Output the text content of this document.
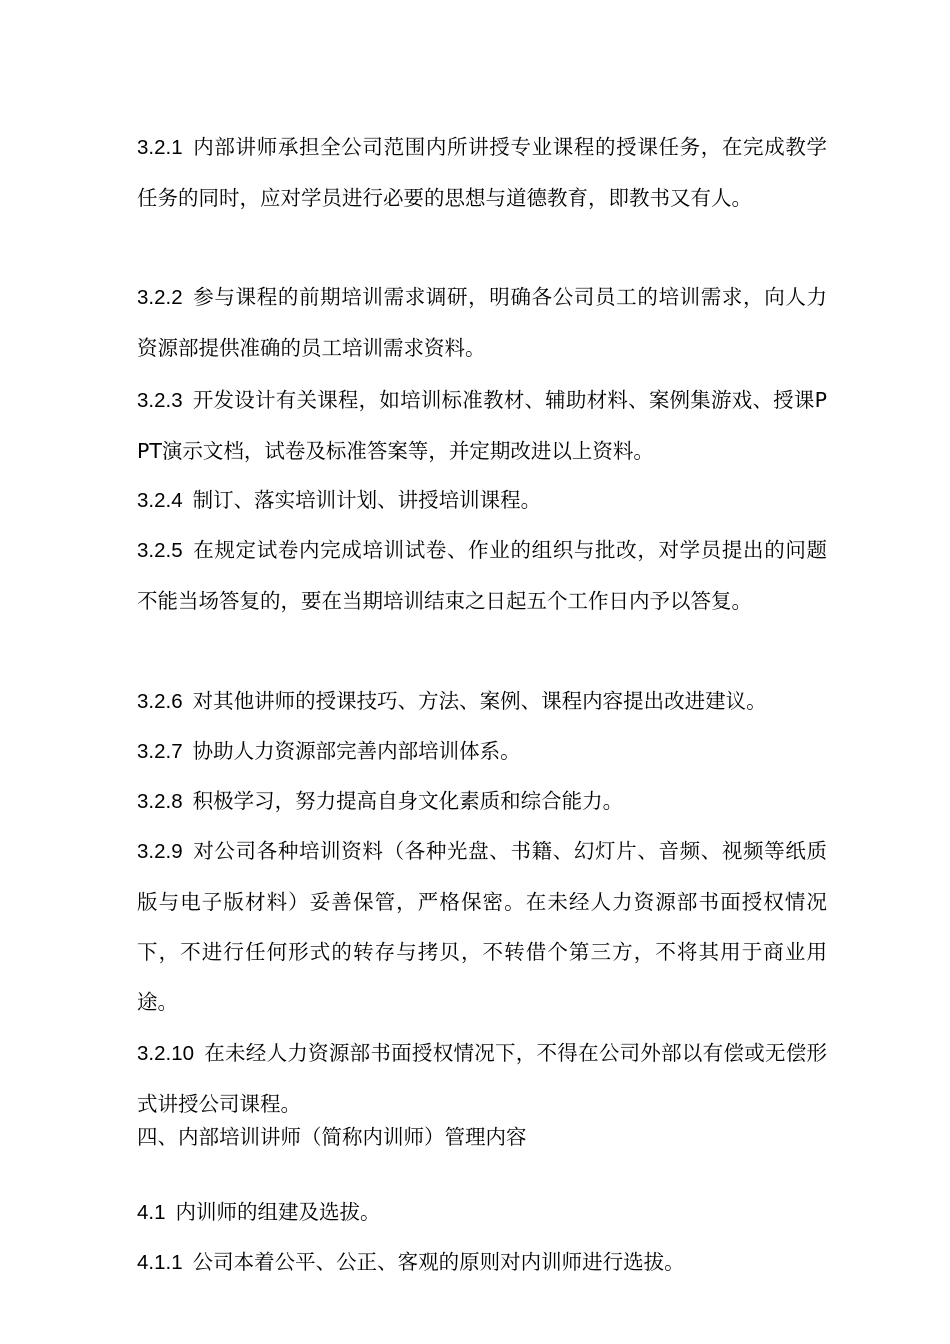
3.2.1 内部讲师承担全公司范围内所讲授专业课程的授课任务，在完成教学任务的同时，应对学员进行必要的思想与道德教育，即教书又有人。

3.2.2 参与课程的前期培训需求调研，明确各公司员工的培训需求，向人力资源部提供准确的员工培训需求资料。

3.2.3 开发设计有关课程，如培训标准教材、辅助材料、案例集游戏、授课PPT演示文档，试卷及标准答案等，并定期改进以上资料。

3.2.4 制订、落实培训计划、讲授培训课程。

3.2.5 在规定试卷内完成培训试卷、作业的组织与批改，对学员提出的问题不能当场答复的，要在当期培训结束之日起五个工作日内予以答复。

3.2.6 对其他讲师的授课技巧、方法、案例、课程内容提出改进建议。

3.2.7 协助人力资源部完善内部培训体系。

3.2.8 积极学习，努力提高自身文化素质和综合能力。

3.2.9 对公司各种培训资料（各种光盘、书籍、幻灯片、音频、视频等纸质版与电子版材料）妥善保管，严格保密。在未经人力资源部书面授权情况下，不进行任何形式的转存与拷贝，不转借个第三方，不将其用于商业用途。

3.2.10 在未经人力资源部书面授权情况下，不得在公司外部以有偿或无偿形式讲授公司课程。

四、内部培训讲师（简称内训师）管理内容

4.1 内训师的组建及选拔。

4.1.1 公司本着公平、公正、客观的原则对内训师进行选拔。
